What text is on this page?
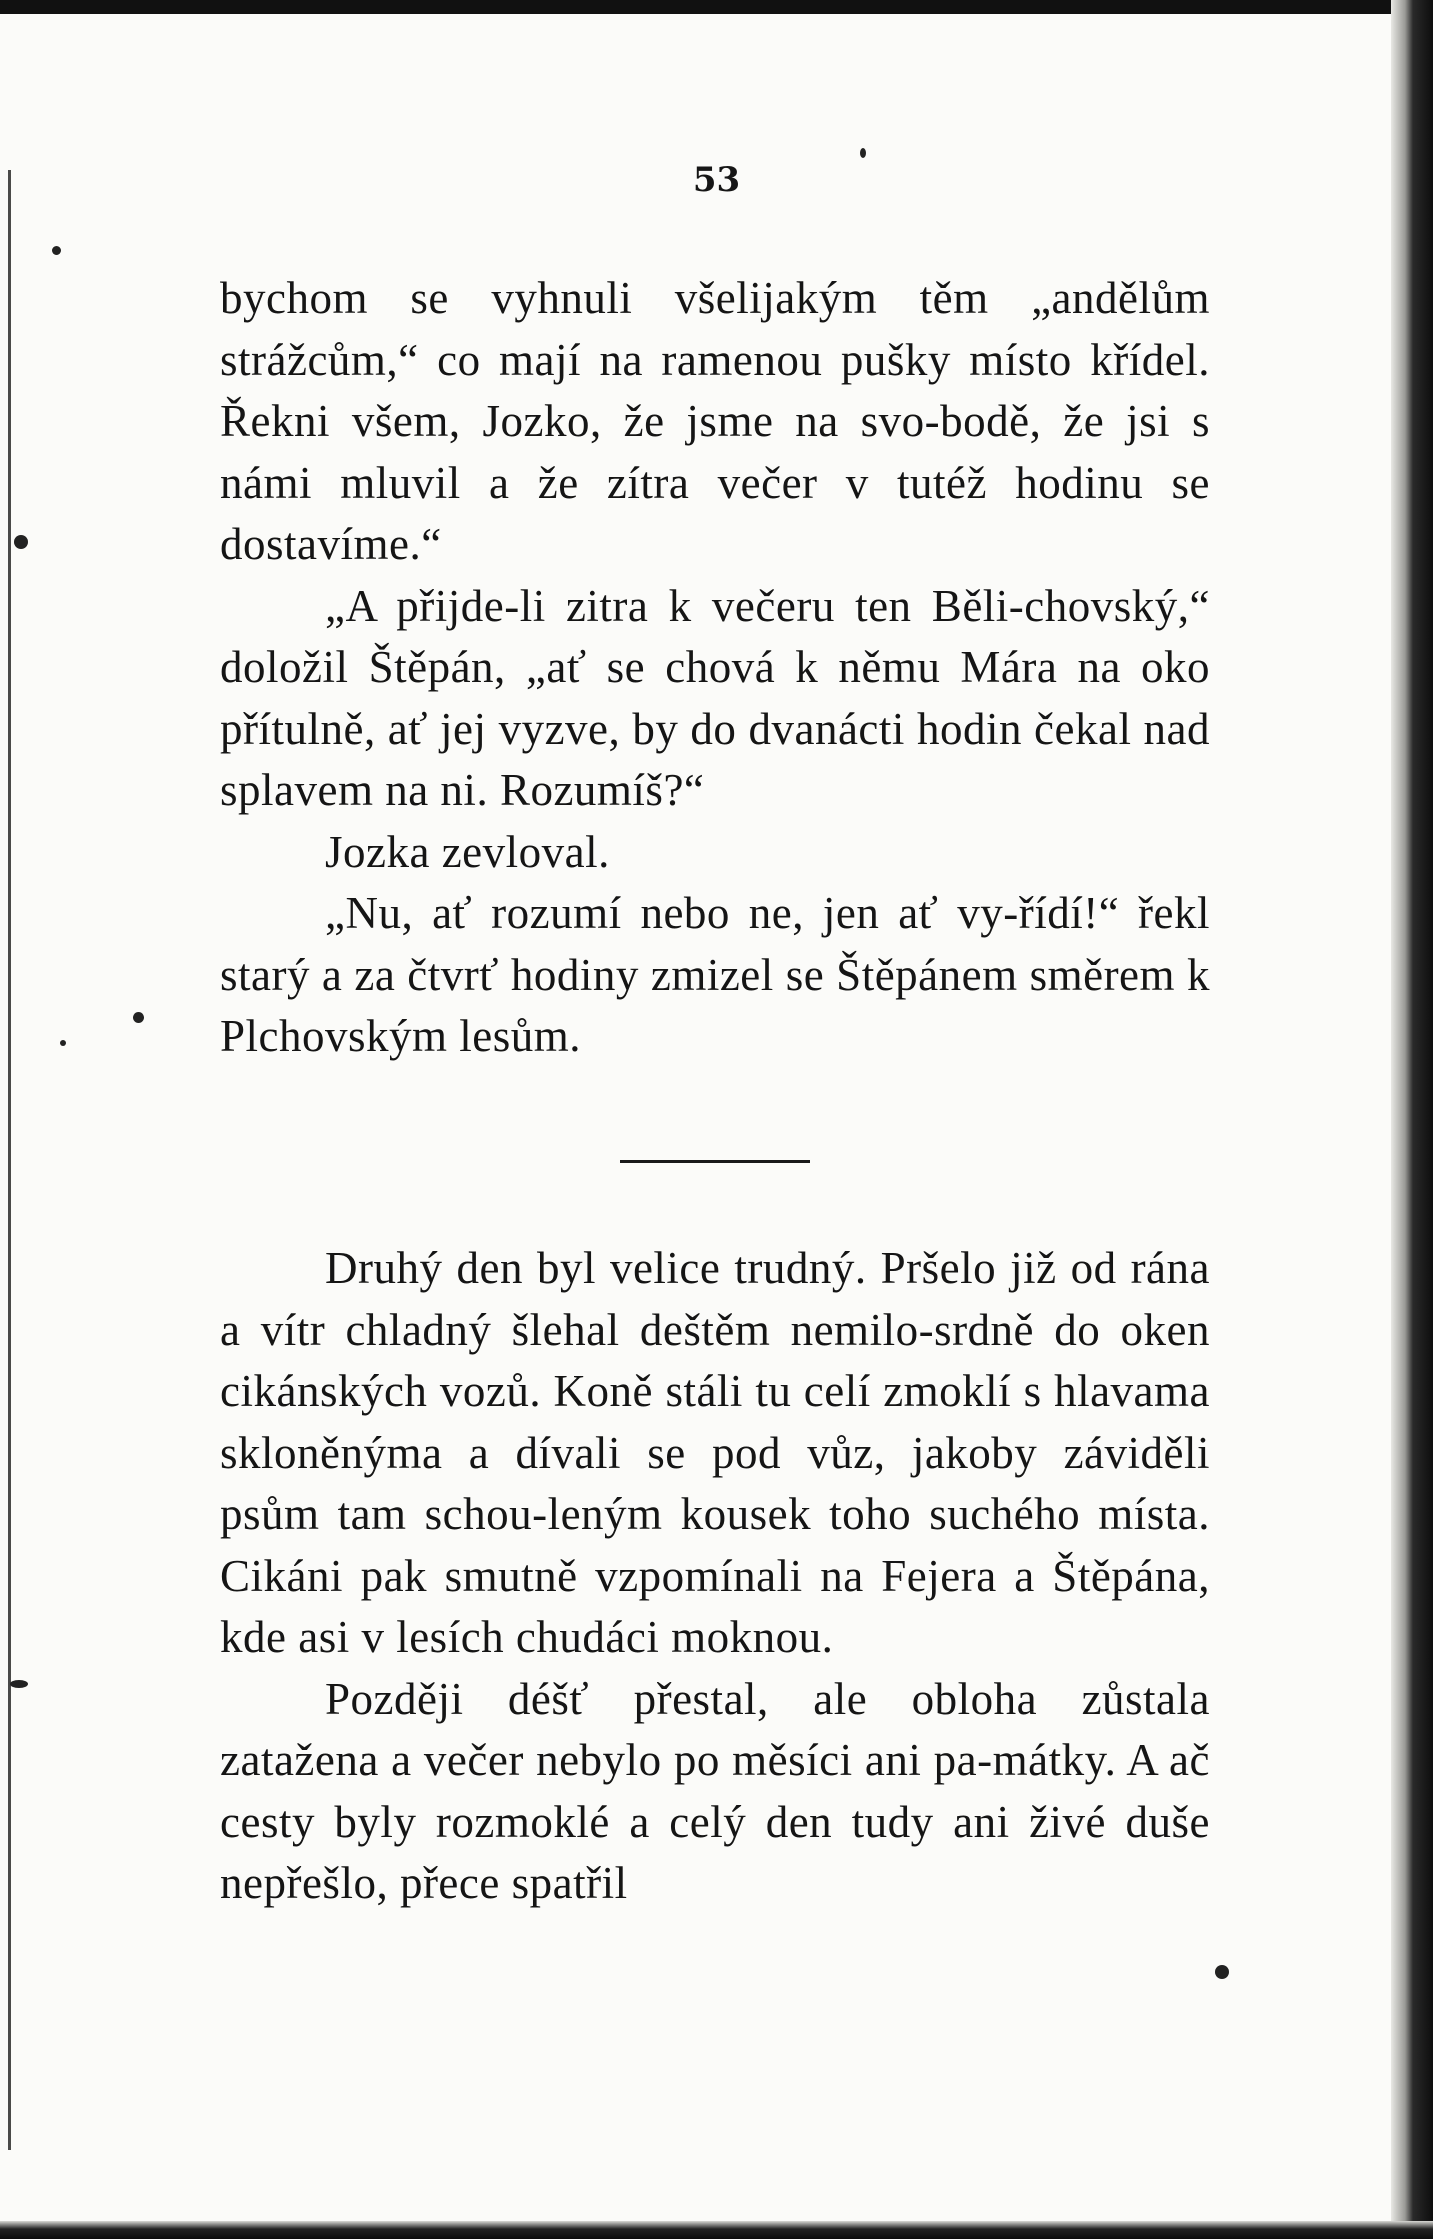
53

bychom se vyhnuli všelijakým těm „andělům strážcům,“ co mají na ramenou pušky místo křídel. Řekni všem, Jozko, že jsme na svo-bodě, že jsi s námi mluvil a že zítra večer v tutéž hodinu se dostavíme.“

„A přijde-li zitra k večeru ten Běli-chovský,“ doložil Štěpán, „ať se chová k němu Mára na oko přítulně, ať jej vyzve, by do dvanácti hodin čekal nad splavem na ni. Rozumíš?“

Jozka zevloval.

„Nu, ať rozumí nebo ne, jen ať vy-řídí!“ řekl starý a za čtvrť hodiny zmizel se Štěpánem směrem k Plchovským lesům.

Druhý den byl velice trudný. Pršelo již od rána a vítr chladný šlehal deštěm nemilo-srdně do oken cikánských vozů. Koně stáli tu celí zmoklí s hlavama skloněnýma a dívali se pod vůz, jakoby záviděli psům tam schou-leným kousek toho suchého místa. Cikáni pak smutně vzpomínali na Fejera a Štěpána, kde asi v lesích chudáci moknou.

Později déšť přestal, ale obloha zůstala zatažena a večer nebylo po měsíci ani pa-mátky. A ač cesty byly rozmoklé a celý den tudy ani živé duše nepřešlo, přece spatřil
